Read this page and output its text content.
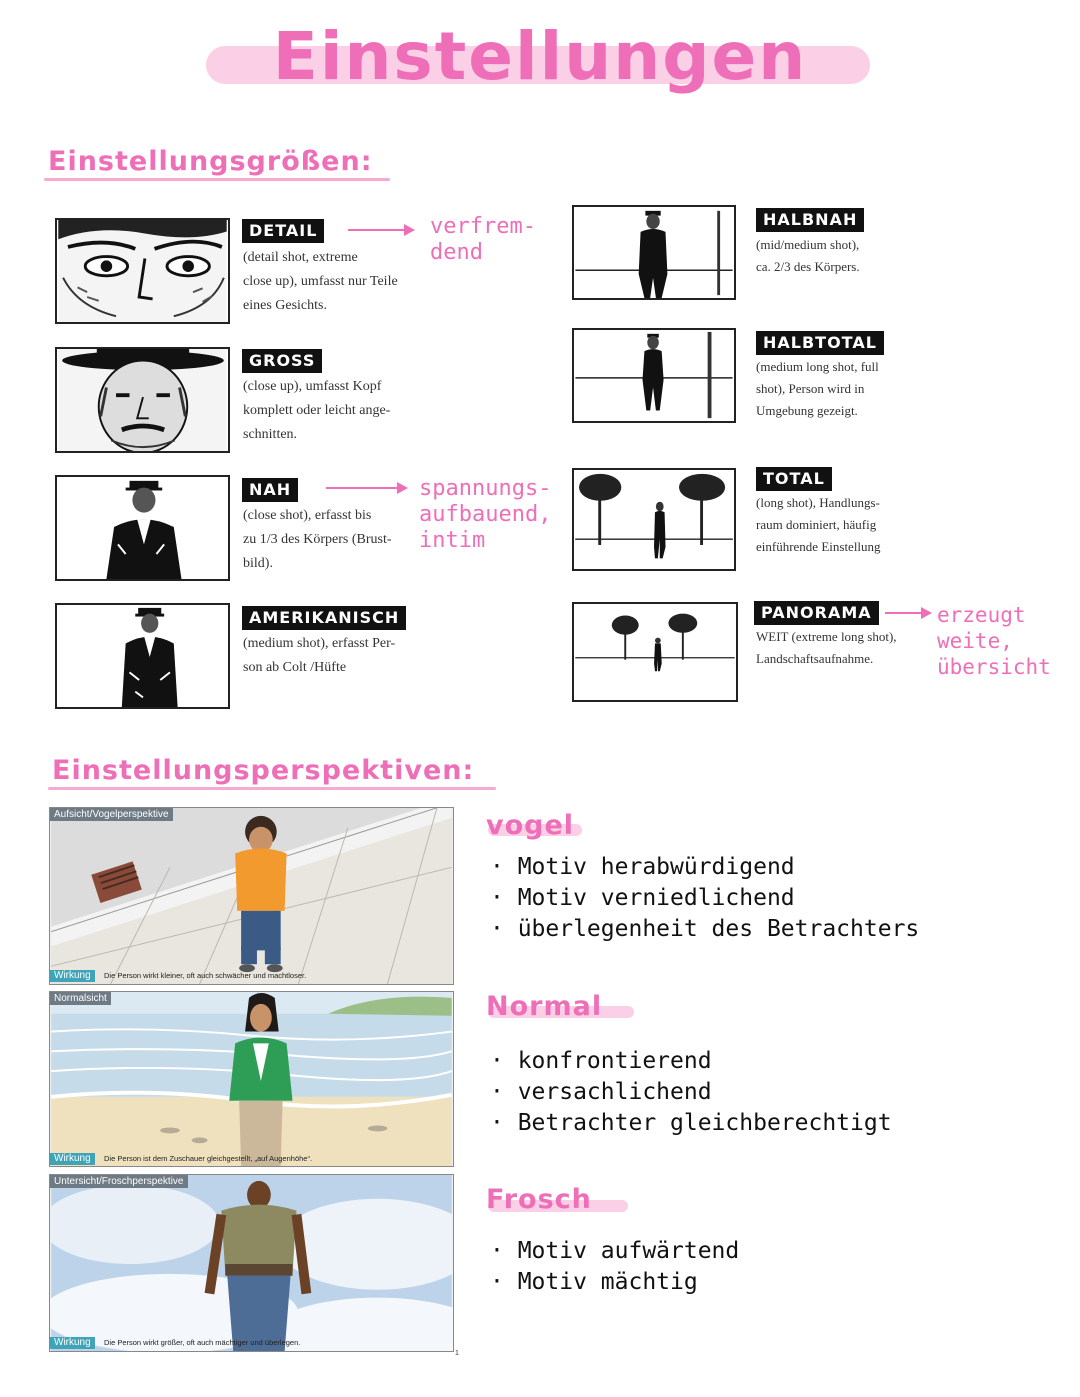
Einstellungen
Einstellungsgrößen:
DETAIL
(detail shot, extreme
close up), umfasst nur Teile
eines Gesichts.
verfrem-
dend
GROSS
(close up), umfasst Kopf
komplett oder leicht ange-
schnitten.
NAH
(close shot), erfasst bis
zu 1/3 des Körpers (Brust-
bild).
spannungs-
aufbauend,
intim
AMERIKANISCH
(medium shot), erfasst Per-
son ab Colt /Hüfte
HALBNAH
(mid/medium shot),
ca. 2/3 des Körpers.
HALBTOTAL
(medium long shot, full
shot), Person wird in
Umgebung gezeigt.
TOTAL
(long shot), Handlungs-
raum dominiert, häufig
einführende Einstellung
PANORAMA
WEIT (extreme long shot),
Landschaftsaufnahme.
erzeugt
weite,
übersicht
Einstellungsperspektiven:
Aufsicht/Vogelperspektive
Wirkung	Die Person wirkt kleiner, oft auch schwächer und machtloser.
vogel
· Motiv herabwürdigend
· Motiv verniedlichend
· überlegenheit des Betrachters
Normalsicht
Wirkung	Die Person ist dem Zuschauer gleichgestellt, „auf Augenhöhe“.
Normal
· konfrontierend
· versachlichend
· Betrachter gleichberechtigt
Untersicht/Froschperspektive
Wirkung	Die Person wirkt größer, oft auch mächtiger und überlegen.
1
Frosch
· Motiv aufwärtend
· Motiv mächtig
